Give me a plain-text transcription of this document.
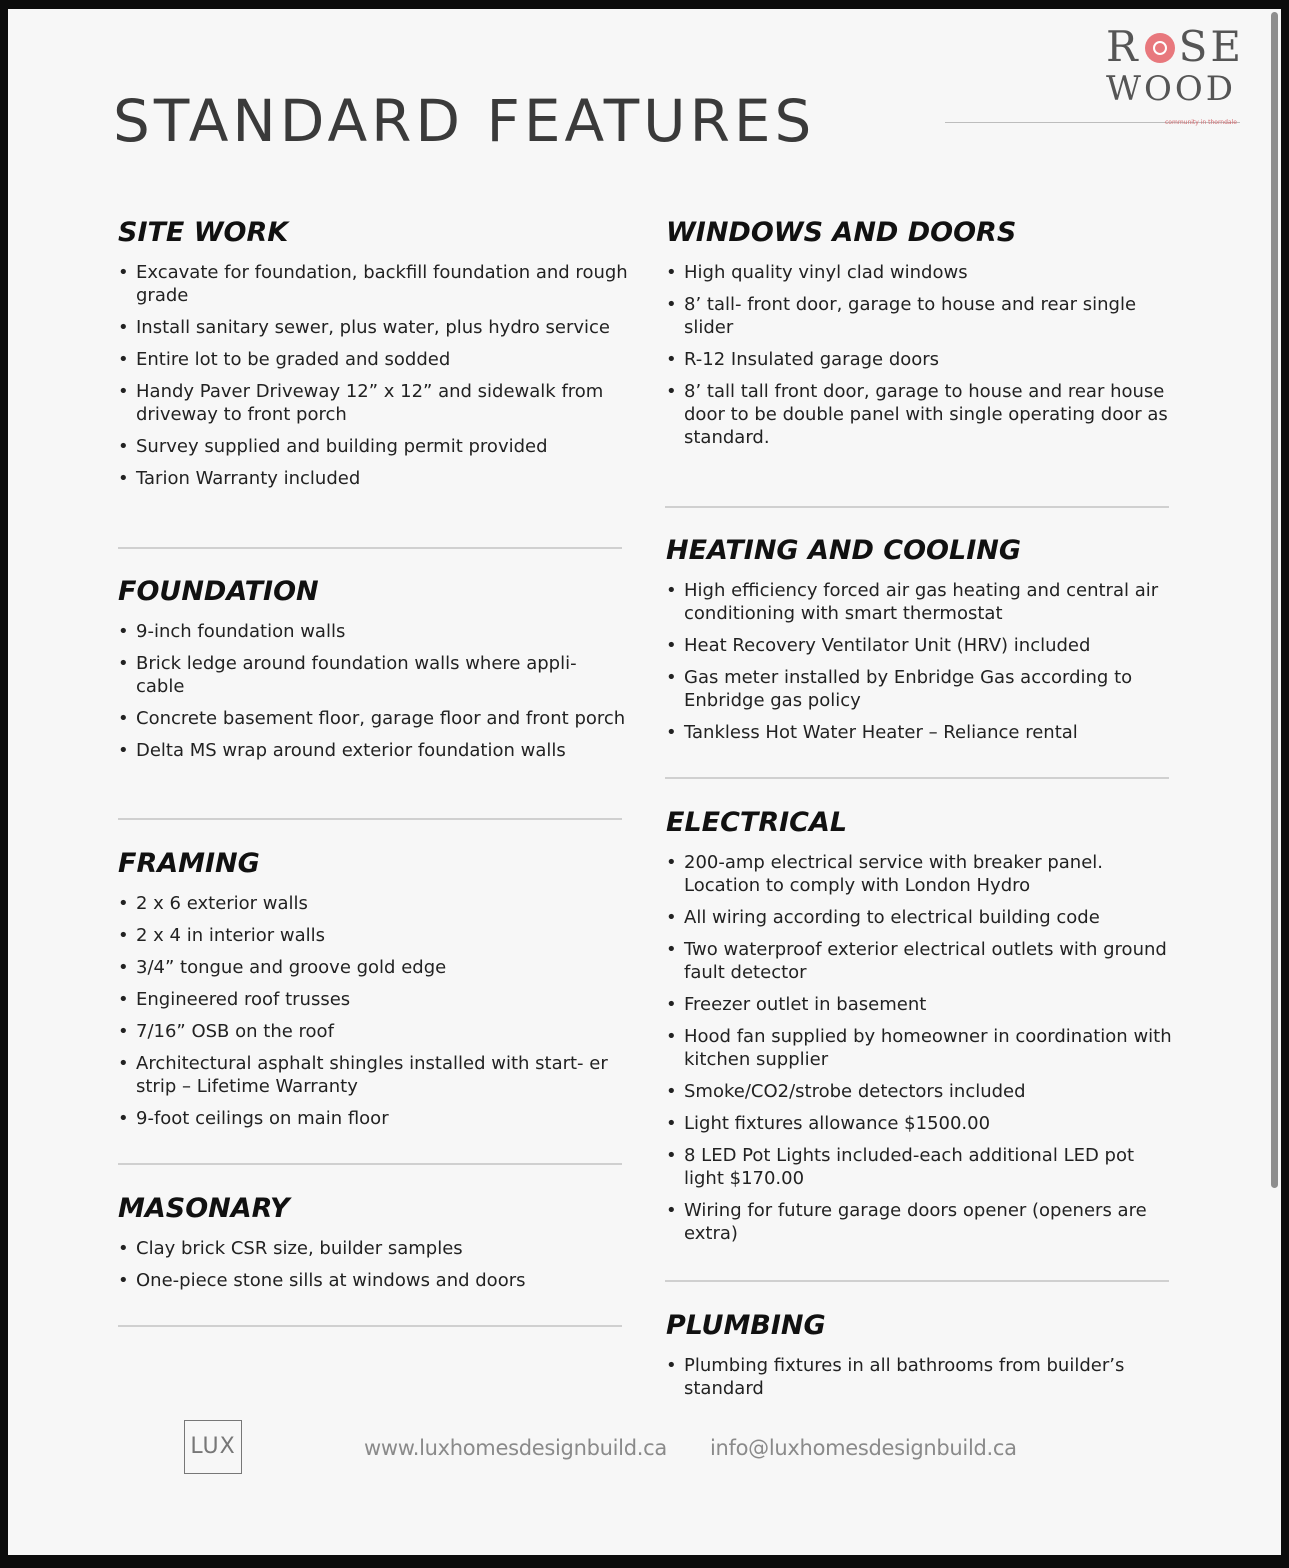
STANDARD FEATURES
R SE
WOOD
community in thorndale
SITE WORK
• Excavate for foundation, backfill foundation and rough grade
• Install sanitary sewer, plus water, plus hydro service
• Entire lot to be graded and sodded
• Handy Paver Driveway 12” x 12” and sidewalk from driveway to front porch
• Survey supplied and building permit provided
• Tarion Warranty included
FOUNDATION
• 9-inch foundation walls
• Brick ledge around foundation walls where appli- cable
• Concrete basement floor, garage floor and front porch
• Delta MS wrap around exterior foundation walls
FRAMING
• 2 x 6 exterior walls
• 2 x 4 in interior walls
• 3/4” tongue and groove gold edge
• Engineered roof trusses
• 7/16” OSB on the roof
• Architectural asphalt shingles installed with start- er strip – Lifetime Warranty
• 9-foot ceilings on main floor
MASONARY
• Clay brick CSR size, builder samples
• One-piece stone sills at windows and doors
WINDOWS AND DOORS
• High quality vinyl clad windows
• 8’ tall- front door, garage to house and rear single slider
• R-12 Insulated garage doors
• 8’ tall tall front door, garage to house and rear house door to be double panel with single operating door as standard.
HEATING AND COOLING
• High efficiency forced air gas heating and central air conditioning with smart thermostat
• Heat Recovery Ventilator Unit (HRV) included
• Gas meter installed by Enbridge Gas according to Enbridge gas policy
• Tankless Hot Water Heater – Reliance rental
ELECTRICAL
• 200-amp electrical service with breaker panel. Location to comply with London Hydro
• All wiring according to electrical building code
• Two waterproof exterior electrical outlets with ground fault detector
• Freezer outlet in basement
• Hood fan supplied by homeowner in coordination with kitchen supplier
• Smoke/CO2/strobe detectors included
• Light fixtures allowance $1500.00
• 8 LED Pot Lights included-each additional LED pot light $170.00
• Wiring for future garage doors opener (openers are extra)
PLUMBING
• Plumbing fixtures in all bathrooms from builder’s standard
LUX	www.luxhomesdesignbuild.ca info@luxhomesdesignbuild.ca
